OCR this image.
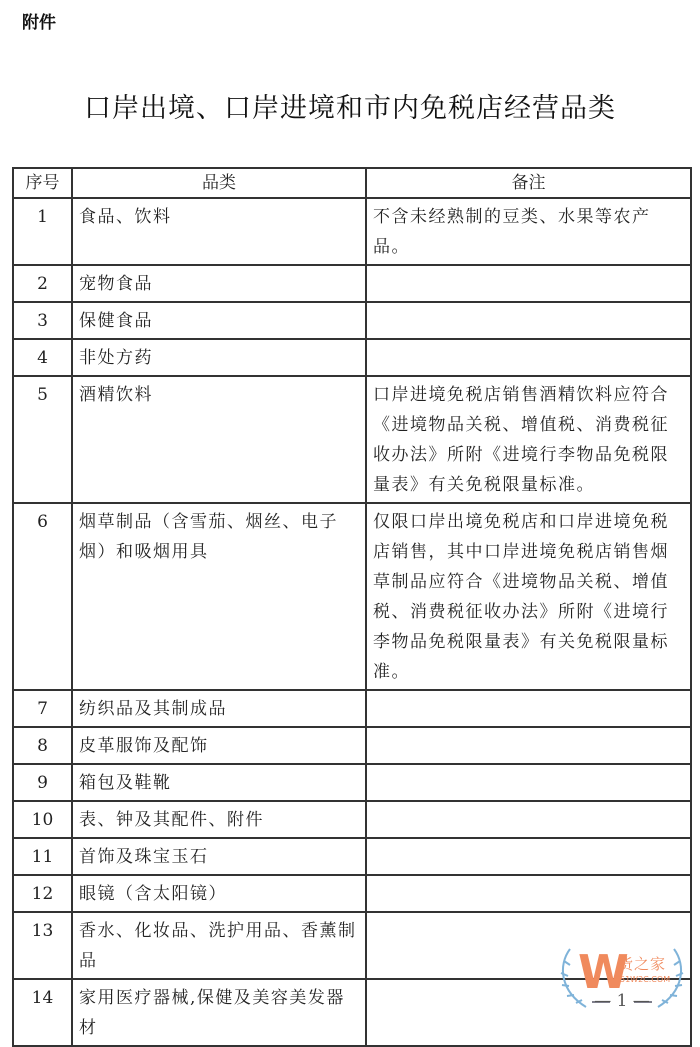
附件
口岸出境、口岸进境和市内免税店经营品类
序号	品类	备注
1	食品、饮料	不含未经熟制的豆类、水果等农产品。
2	宠物食品	
3	保健食品	
4	非处方药	
5	酒精饮料	口岸进境免税店销售酒精饮料应符合《进境物品关税、增值税、消费税征收办法》所附《进境行李物品免税限量表》有关免税限量标准。
6	烟草制品（含雪茄、烟丝、电子烟）和吸烟用具	仅限口岸出境免税店和口岸进境免税店销售，其中口岸进境免税店销售烟草制品应符合《进境物品关税、增值税、消费税征收办法》所附《进境行李物品免税限量表》有关免税限量标准。
7	纺织品及其制成品	
8	皮革服饰及配饰	
9	箱包及鞋靴	
10	表、钟及其配件、附件	
11	首饰及珠宝玉石	
12	眼镜（含太阳镜）	
13	香水、化妆品、洗护用品、香薰制品	
14	家用医疗器械,保健及美容美发器材	
W
货之家
51W2C.COM
— 1 —
